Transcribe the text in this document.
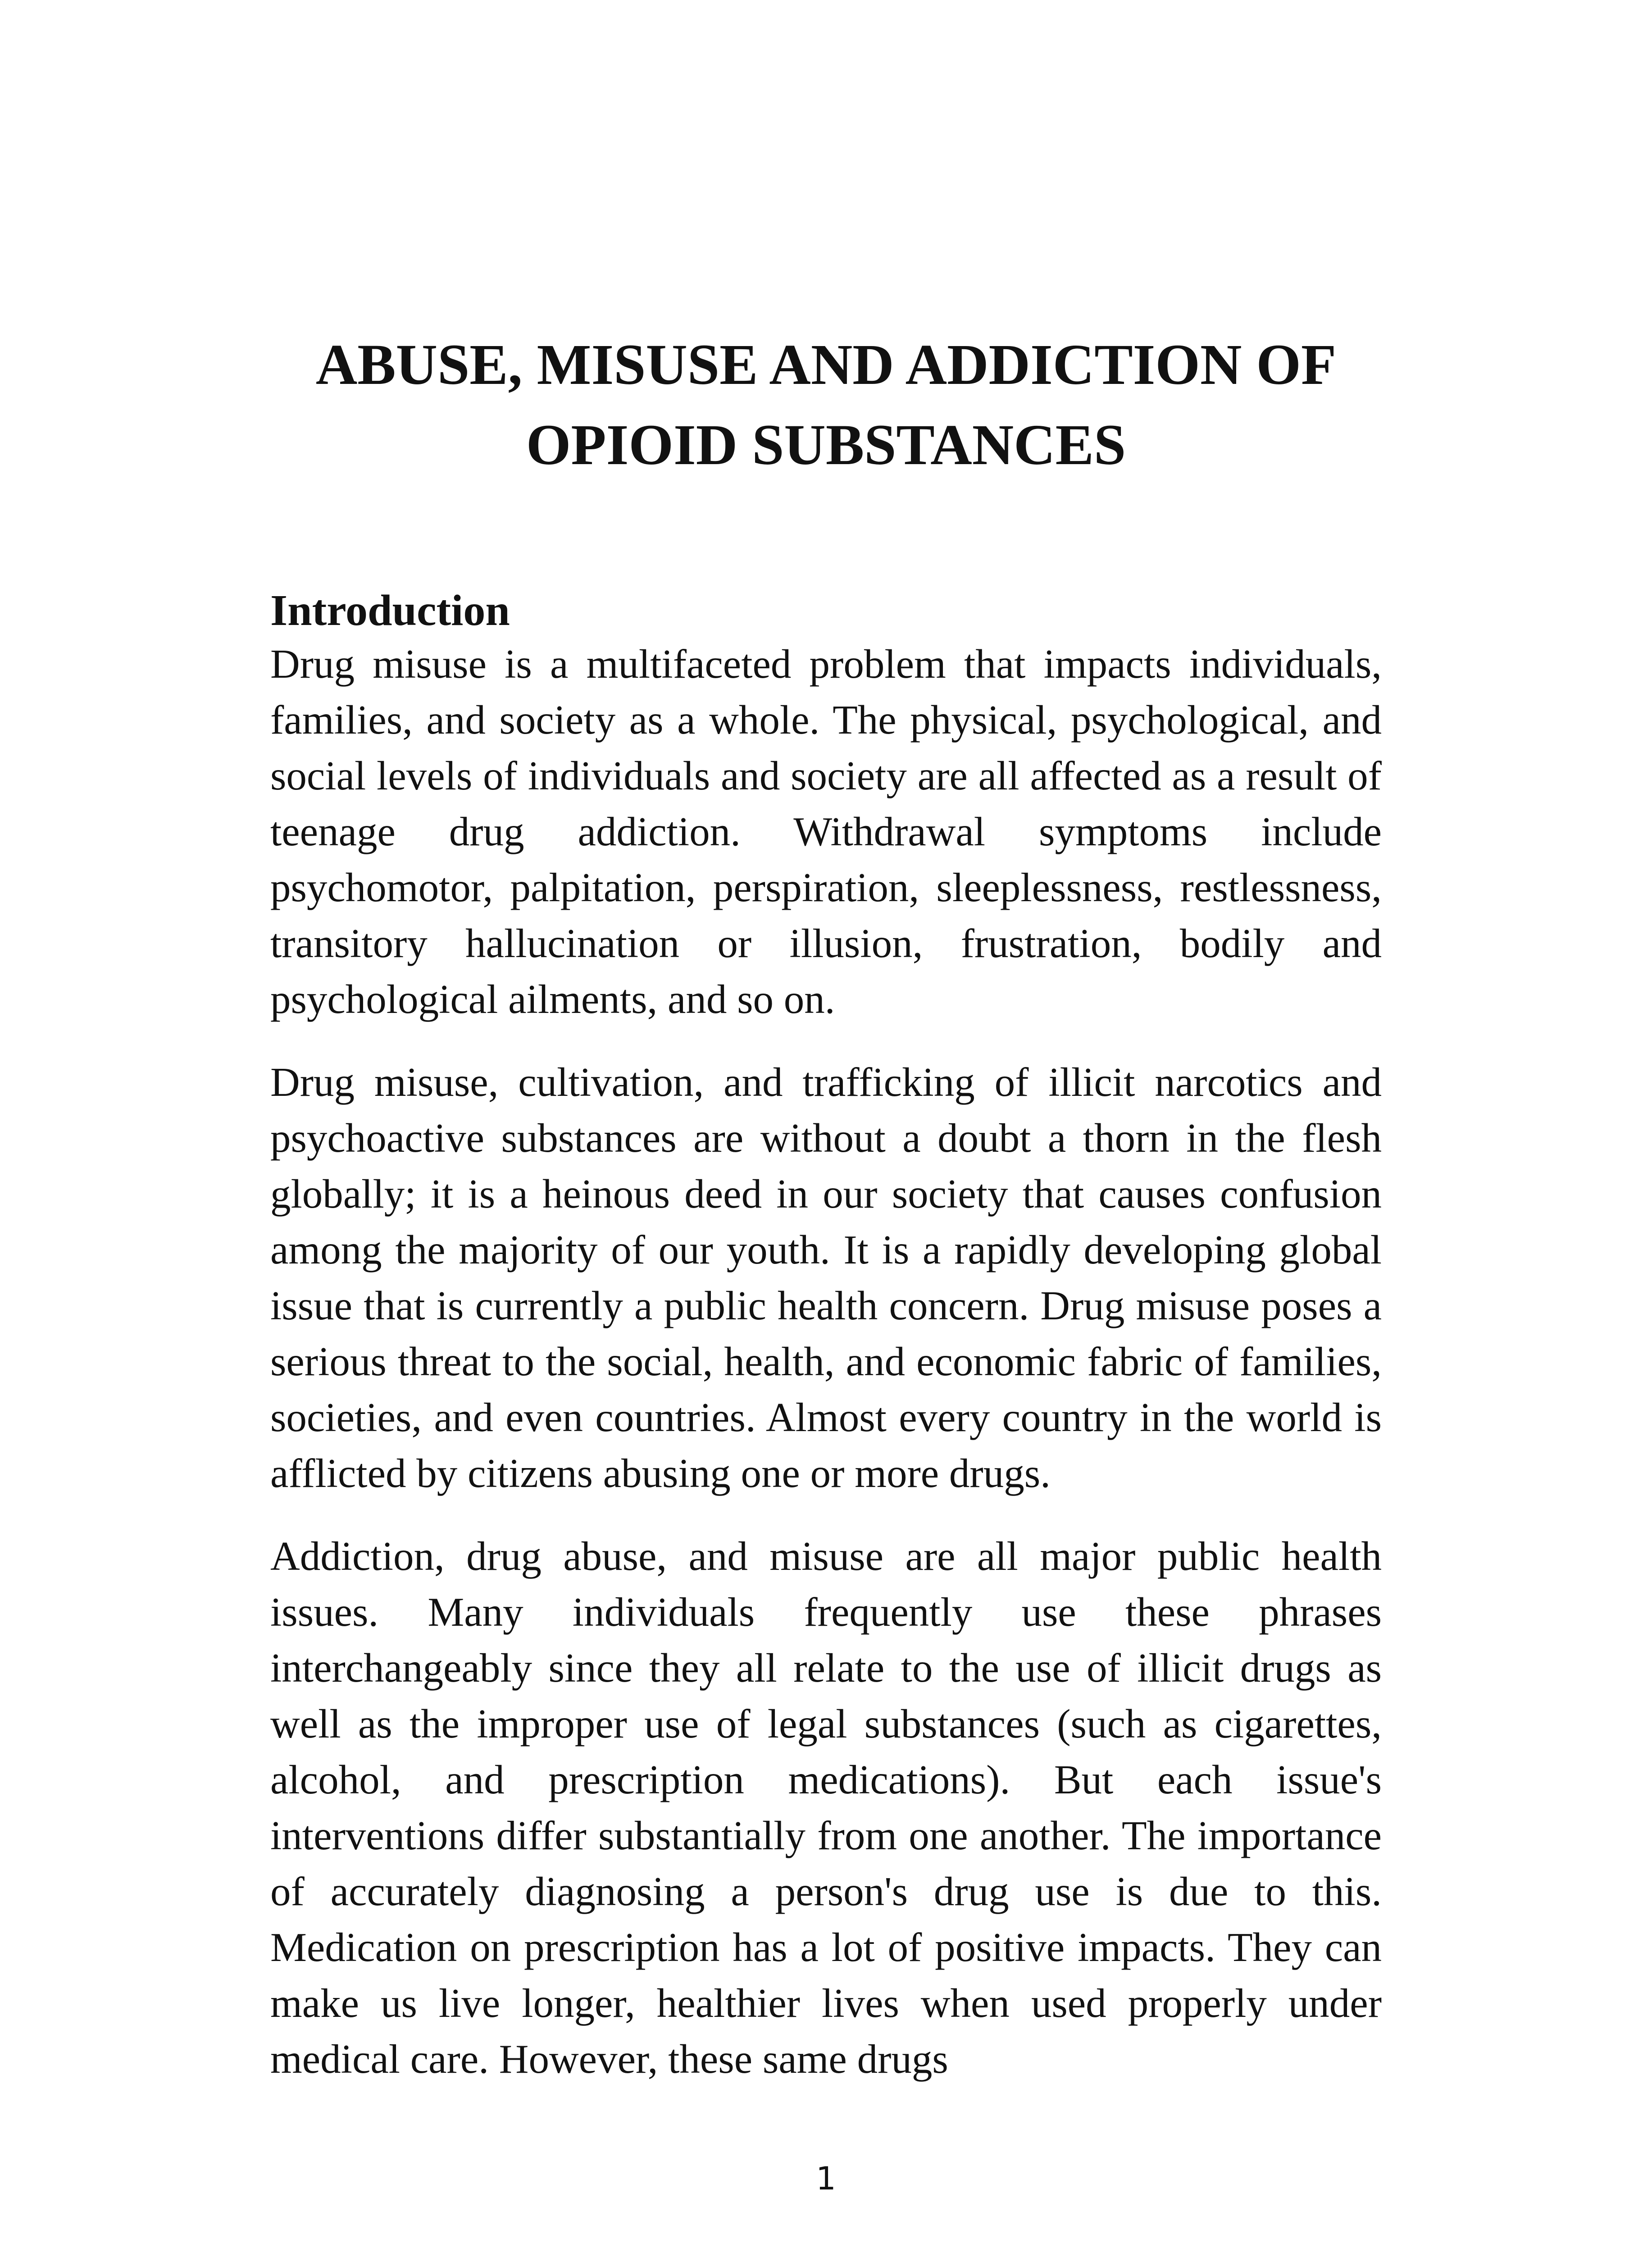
ABUSE, MISUSE AND ADDICTION OF
OPIOID SUBSTANCES
Introduction

Drug misuse is a multifaceted problem that impacts individuals, families, and society as a whole. The physical, psychological, and social levels of individuals and society are all affected as a result of teenage drug addiction. Withdrawal symptoms include psychomotor, palpitation, perspiration, sleeplessness, restlessness, transitory hallucination or illusion, frustration, bodily and psychological ailments, and so on.

Drug misuse, cultivation, and trafficking of illicit narcotics and psychoactive substances are without a doubt a thorn in the flesh globally; it is a heinous deed in our society that causes confusion among the majority of our youth. It is a rapidly developing global issue that is currently a public health concern. Drug misuse poses a serious threat to the social, health, and economic fabric of families, societies, and even countries. Almost every country in the world is afflicted by citizens abusing one or more drugs.

Addiction, drug abuse, and misuse are all major public health issues. Many individuals frequently use these phrases interchangeably since they all relate to the use of illicit drugs as well as the improper use of legal substances (such as cigarettes, alcohol, and prescription medications). But each issue's interventions differ substantially from one another. The importance of accurately diagnosing a person's drug use is due to this. Medication on prescription has a lot of positive impacts. They can make us live longer, healthier lives when used properly under medical care. However, these same drugs

1
